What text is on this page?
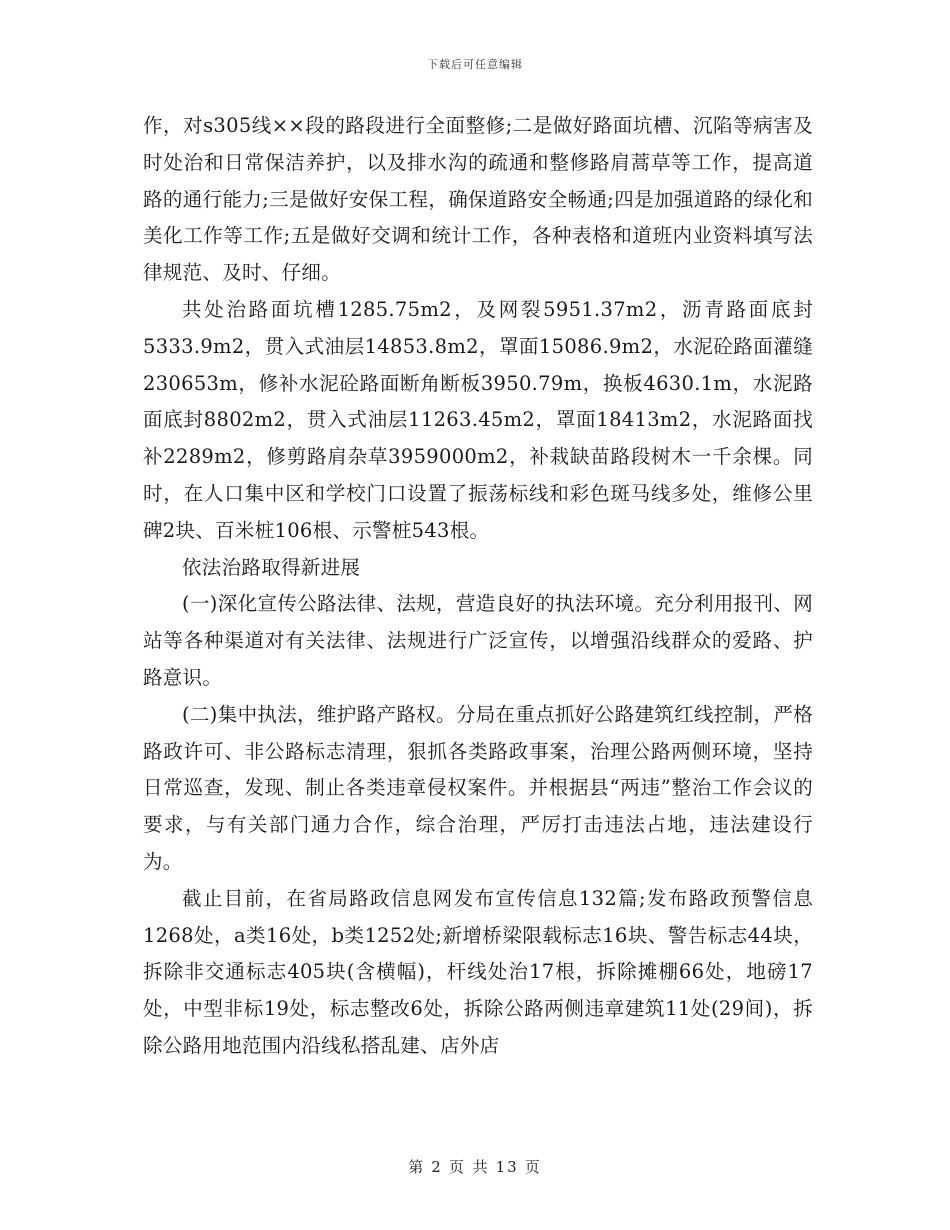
下载后可任意编辑

作，对s305线××段的路段进行全面整修;二是做好路面坑槽、沉陷等病害及时处治和日常保洁养护，以及排水沟的疏通和整修路肩蒿草等工作，提高道路的通行能力;三是做好安保工程，确保道路安全畅通;四是加强道路的绿化和美化工作等工作;五是做好交调和统计工作，各种表格和道班内业资料填写法律规范、及时、仔细。

共处治路面坑槽1285.75m2，及网裂5951.37m2，沥青路面底封5333.9m2，贯入式油层14853.8m2，罩面15086.9m2，水泥砼路面灌缝230653m，修补水泥砼路面断角断板3950.79m，换板4630.1m，水泥路面底封8802m2，贯入式油层11263.45m2，罩面18413m2，水泥路面找补2289m2，修剪路肩杂草3959000m2，补栽缺苗路段树木一千余棵。同时，在人口集中区和学校门口设置了振荡标线和彩色斑马线多处，维修公里碑2块、百米桩106根、示警桩543根。

依法治路取得新进展

(一)深化宣传公路法律、法规，营造良好的执法环境。充分利用报刊、网站等各种渠道对有关法律、法规进行广泛宣传，以增强沿线群众的爱路、护路意识。

(二)集中执法，维护路产路权。分局在重点抓好公路建筑红线控制，严格路政许可、非公路标志清理，狠抓各类路政事案，治理公路两侧环境，坚持日常巡查，发现、制止各类违章侵权案件。并根据县“两违”整治工作会议的要求，与有关部门通力合作，综合治理，严厉打击违法占地，违法建设行为。

截止目前，在省局路政信息网发布宣传信息132篇;发布路政预警信息1268处，a类16处，b类1252处;新增桥梁限载标志16块、警告标志44块，拆除非交通标志405块(含横幅)，杆线处治17根，拆除摊棚66处，地磅17处，中型非标19处，标志整改6处，拆除公路两侧违章建筑11处(29间)，拆除公路用地范围内沿线私搭乱建、店外店

第 2 页 共 13 页
